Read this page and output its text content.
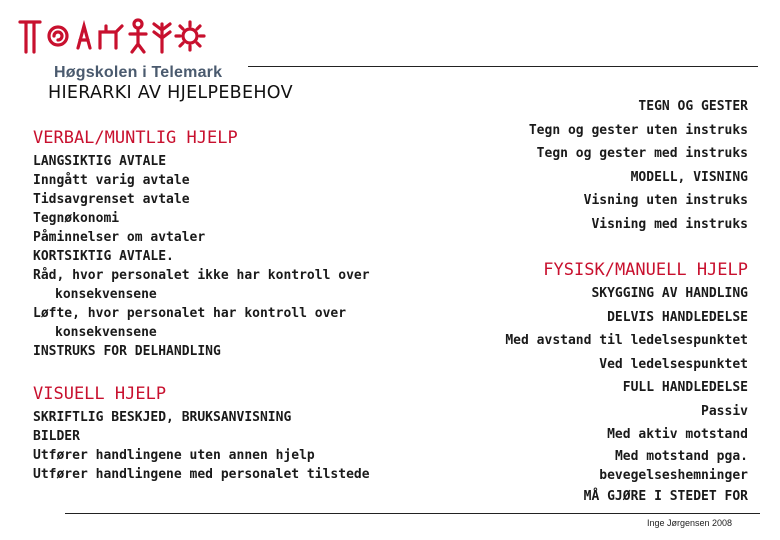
Høgskolen i Telemark
HIERARKI AV HJELPEBEHOV
VERBAL/MUNTLIG HJELP
LANGSIKTIG AVTALE
Inngått varig avtale
Tidsavgrenset avtale
Tegnøkonomi
Påminnelser om avtaler
KORTSIKTIG AVTALE.
Råd, hvor personalet ikke har kontroll over
konsekvensene
Løfte, hvor personalet har kontroll over
konsekvensene
INSTRUKS FOR DELHANDLING
VISUELL HJELP
SKRIFTLIG BESKJED, BRUKSANVISNING
BILDER
Utfører handlingene uten annen hjelp
Utfører handlingene med personalet tilstede
TEGN OG GESTER
Tegn og gester uten instruks
Tegn og gester med instruks
MODELL, VISNING
Visning uten instruks
Visning med instruks
FYSISK/MANUELL HJELP
SKYGGING AV HANDLING
DELVIS HANDLEDELSE
Med avstand til ledelsespunktet
Ved ledelsespunktet
FULL HANDLEDELSE
Passiv
Med aktiv motstand
Med motstand pga.
bevegelseshemninger
MÅ GJØRE I STEDET FOR
Inge Jørgensen 2008
